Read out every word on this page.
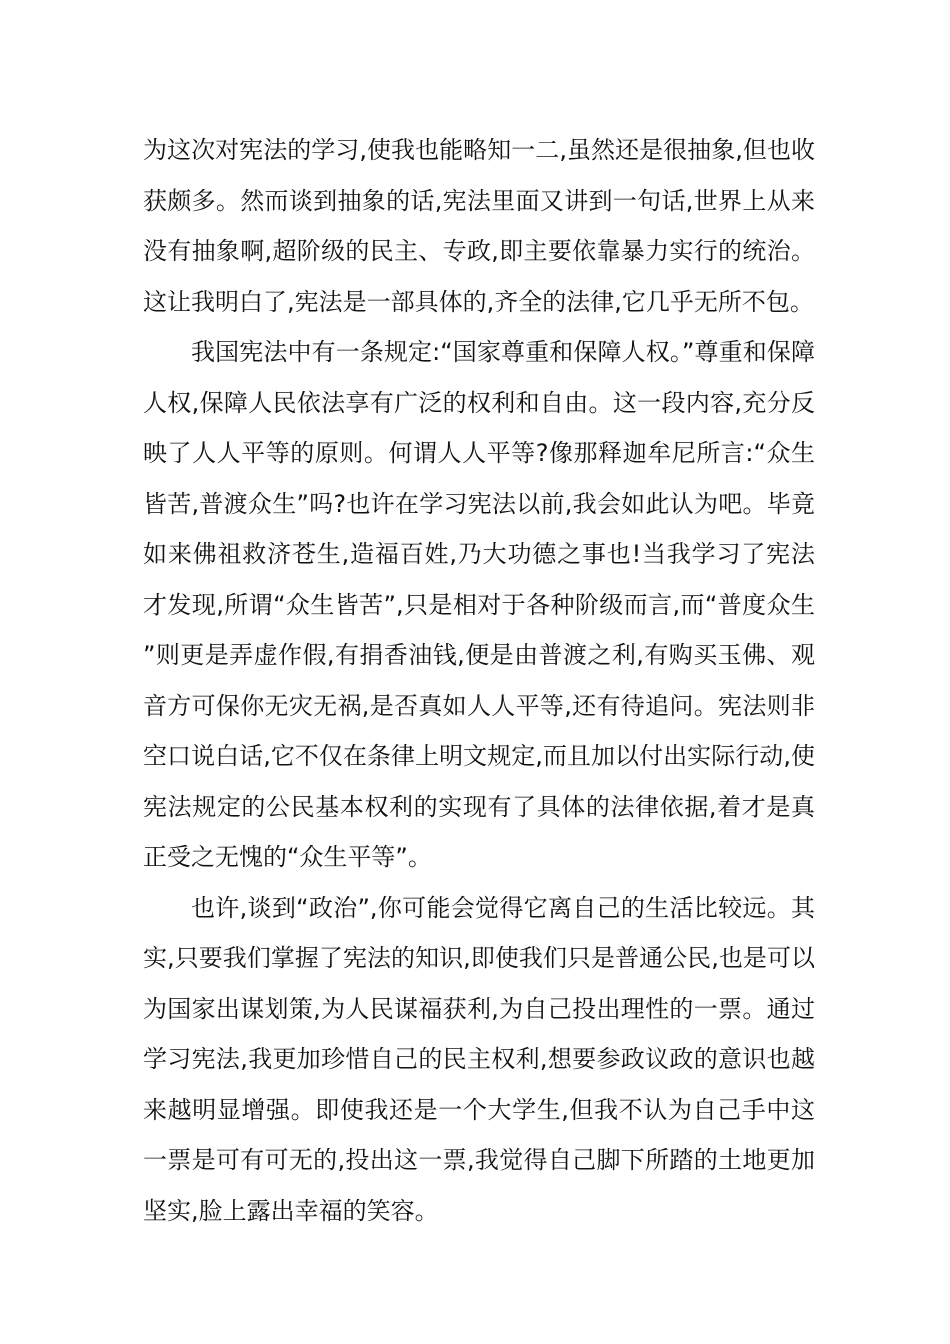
为这次对宪法的学习,使我也能略知一二,虽然还是很抽象,但也收获颇多。然而谈到抽象的话,宪法里面又讲到一句话,世界上从来没有抽象啊,超阶级的民主、专政,即主要依靠暴力实行的统治。这让我明白了,宪法是一部具体的,齐全的法律,它几乎无所不包。

我国宪法中有一条规定:“国家尊重和保障人权。”尊重和保障人权,保障人民依法享有广泛的权利和自由。这一段内容,充分反映了人人平等的原则。何谓人人平等?像那释迦牟尼所言:“众生皆苦,普渡众生”吗?也许在学习宪法以前,我会如此认为吧。毕竟如来佛祖救济苍生,造福百姓,乃大功德之事也!当我学习了宪法才发现,所谓“众生皆苦”,只是相对于各种阶级而言,而“普度众生”则更是弄虚作假,有捐香油钱,便是由普渡之利,有购买玉佛、观音方可保你无灾无祸,是否真如人人平等,还有待追问。宪法则非空口说白话,它不仅在条律上明文规定,而且加以付出实际行动,使宪法规定的公民基本权利的实现有了具体的法律依据,着才是真正受之无愧的“众生平等”。

也许,谈到“政治”,你可能会觉得它离自己的生活比较远。其实,只要我们掌握了宪法的知识,即使我们只是普通公民,也是可以为国家出谋划策,为人民谋福获利,为自己投出理性的一票。通过学习宪法,我更加珍惜自己的民主权利,想要参政议政的意识也越来越明显增强。即使我还是一个大学生,但我不认为自己手中这一票是可有可无的,投出这一票,我觉得自己脚下所踏的土地更加坚实,脸上露出幸福的笑容。
